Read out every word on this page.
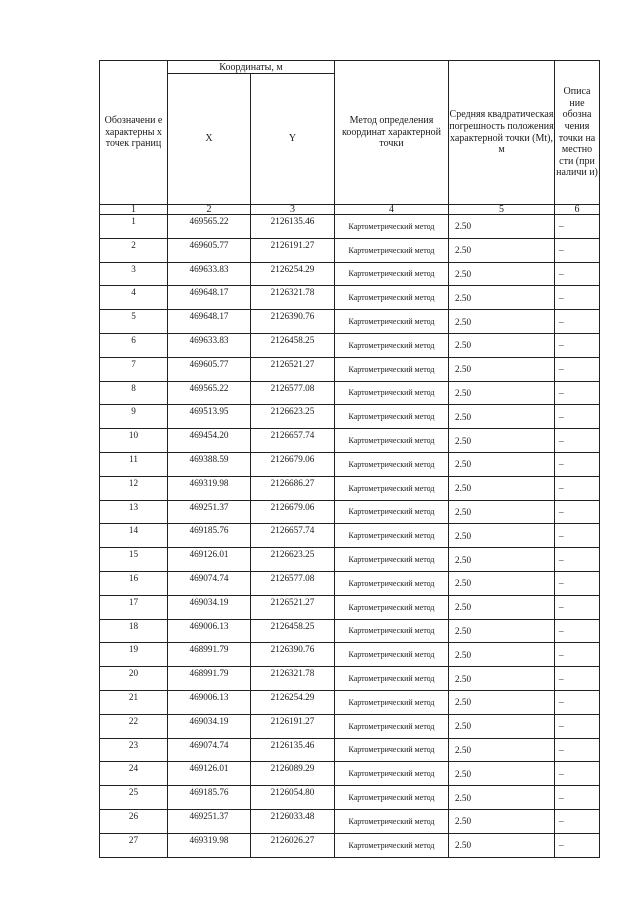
Обозначени е характерны х точек границ	Координаты, м		Метод определения координат характерной точки	Средняя квадратическая погрешность положения характерной точки (Mt), м	Описа ние обозна чения точки на местно сти (при наличи и)
	X	Y			
1	2	3	4	5	6
1	469565.22	2126135.46	Картометрический метод	2.50	–
2	469605.77	2126191.27	Картометрический метод	2.50	–
3	469633.83	2126254.29	Картометрический метод	2.50	–
4	469648.17	2126321.78	Картометрический метод	2.50	–
5	469648.17	2126390.76	Картометрический метод	2.50	–
6	469633.83	2126458.25	Картометрический метод	2.50	–
7	469605.77	2126521.27	Картометрический метод	2.50	–
8	469565.22	2126577.08	Картометрический метод	2.50	–
9	469513.95	2126623.25	Картометрический метод	2.50	–
10	469454.20	2126657.74	Картометрический метод	2.50	–
11	469388.59	2126679.06	Картометрический метод	2.50	–
12	469319.98	2126686.27	Картометрический метод	2.50	–
13	469251.37	2126679.06	Картометрический метод	2.50	–
14	469185.76	2126657.74	Картометрический метод	2.50	–
15	469126.01	2126623.25	Картометрический метод	2.50	–
16	469074.74	2126577.08	Картометрический метод	2.50	–
17	469034.19	2126521.27	Картометрический метод	2.50	–
18	469006.13	2126458.25	Картометрический метод	2.50	–
19	468991.79	2126390.76	Картометрический метод	2.50	–
20	468991.79	2126321.78	Картометрический метод	2.50	–
21	469006.13	2126254.29	Картометрический метод	2.50	–
22	469034.19	2126191.27	Картометрический метод	2.50	–
23	469074.74	2126135.46	Картометрический метод	2.50	–
24	469126.01	2126089.29	Картометрический метод	2.50	–
25	469185.76	2126054.80	Картометрический метод	2.50	–
26	469251.37	2126033.48	Картометрический метод	2.50	–
27	469319.98	2126026.27	Картометрический метод	2.50	–
